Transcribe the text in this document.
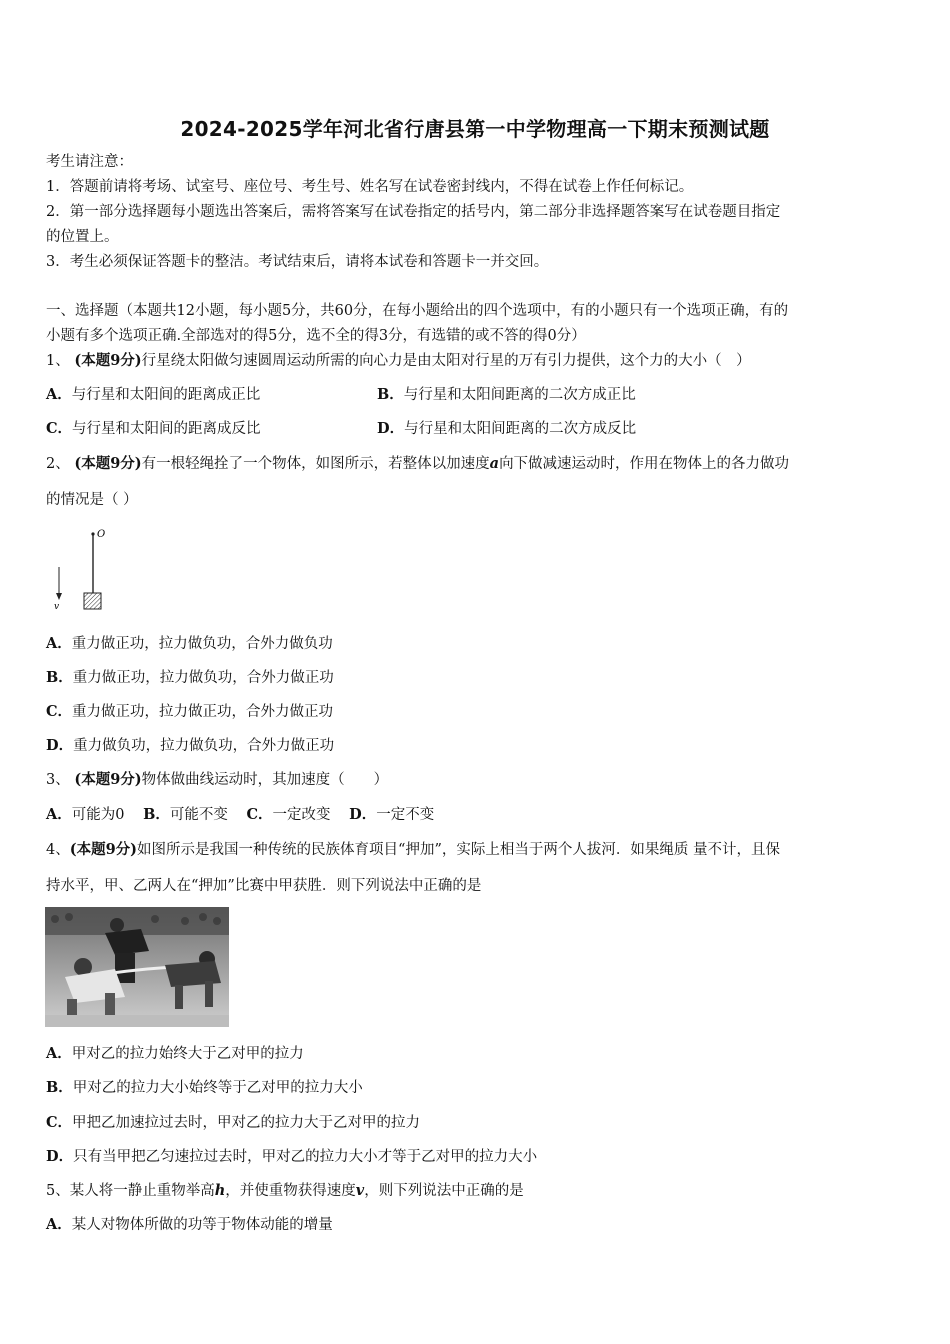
2024-2025学年河北省行唐县第一中学物理高一下期末预测试题
考生请注意：
1．答题前请将考场、试室号、座位号、考生号、姓名写在试卷密封线内，不得在试卷上作任何标记。
2．第一部分选择题每小题选出答案后，需将答案写在试卷指定的括号内，第二部分非选择题答案写在试卷题目指定
的位置上。
3．考生必须保证答题卡的整洁。考试结束后，请将本试卷和答题卡一并交回。
一、选择题（本题共12小题，每小题5分，共60分，在每小题给出的四个选项中，有的小题只有一个选项正确，有的
小题有多个选项正确.全部选对的得5分，选不全的得3分，有选错的或不答的得0分）
1、 (本题9分)行星绕太阳做匀速圆周运动所需的向心力是由太阳对行星的万有引力提供，这个力的大小（　）
A．与行星和太阳间的距离成正比	B．与行星和太阳间距离的二次方成正比
C．与行星和太阳间的距离成反比	D．与行星和太阳间距离的二次方成反比
2、 (本题9分)有一根轻绳拴了一个物体，如图所示，若整体以加速度a向下做减速运动时，作用在物体上的各力做功
的情况是（ ）
O
v
A．重力做正功，拉力做负功，合外力做负功
B．重力做正功，拉力做负功，合外力做正功
C．重力做正功，拉力做正功，合外力做正功
D．重力做负功，拉力做负功，合外力做正功
3、 (本题9分)物体做曲线运动时，其加速度（　　）
A．可能为0 B．可能不变 C．一定改变 D．一定不变
4、(本题9分)如图所示是我国一种传统的民族体育项目“押加”，实际上相当于两个人拔河．如果绳质 量不计，且保
持水平，甲、乙两人在“押加”比赛中甲获胜．则下列说法中正确的是
A．甲对乙的拉力始终大于乙对甲的拉力
B．甲对乙的拉力大小始终等于乙对甲的拉力大小
C．甲把乙加速拉过去时，甲对乙的拉力大于乙对甲的拉力
D．只有当甲把乙匀速拉过去时，甲对乙的拉力大小才等于乙对甲的拉力大小
5、某人将一静止重物举高h，并使重物获得速度v，则下列说法中正确的是
A．某人对物体所做的功等于物体动能的增量
